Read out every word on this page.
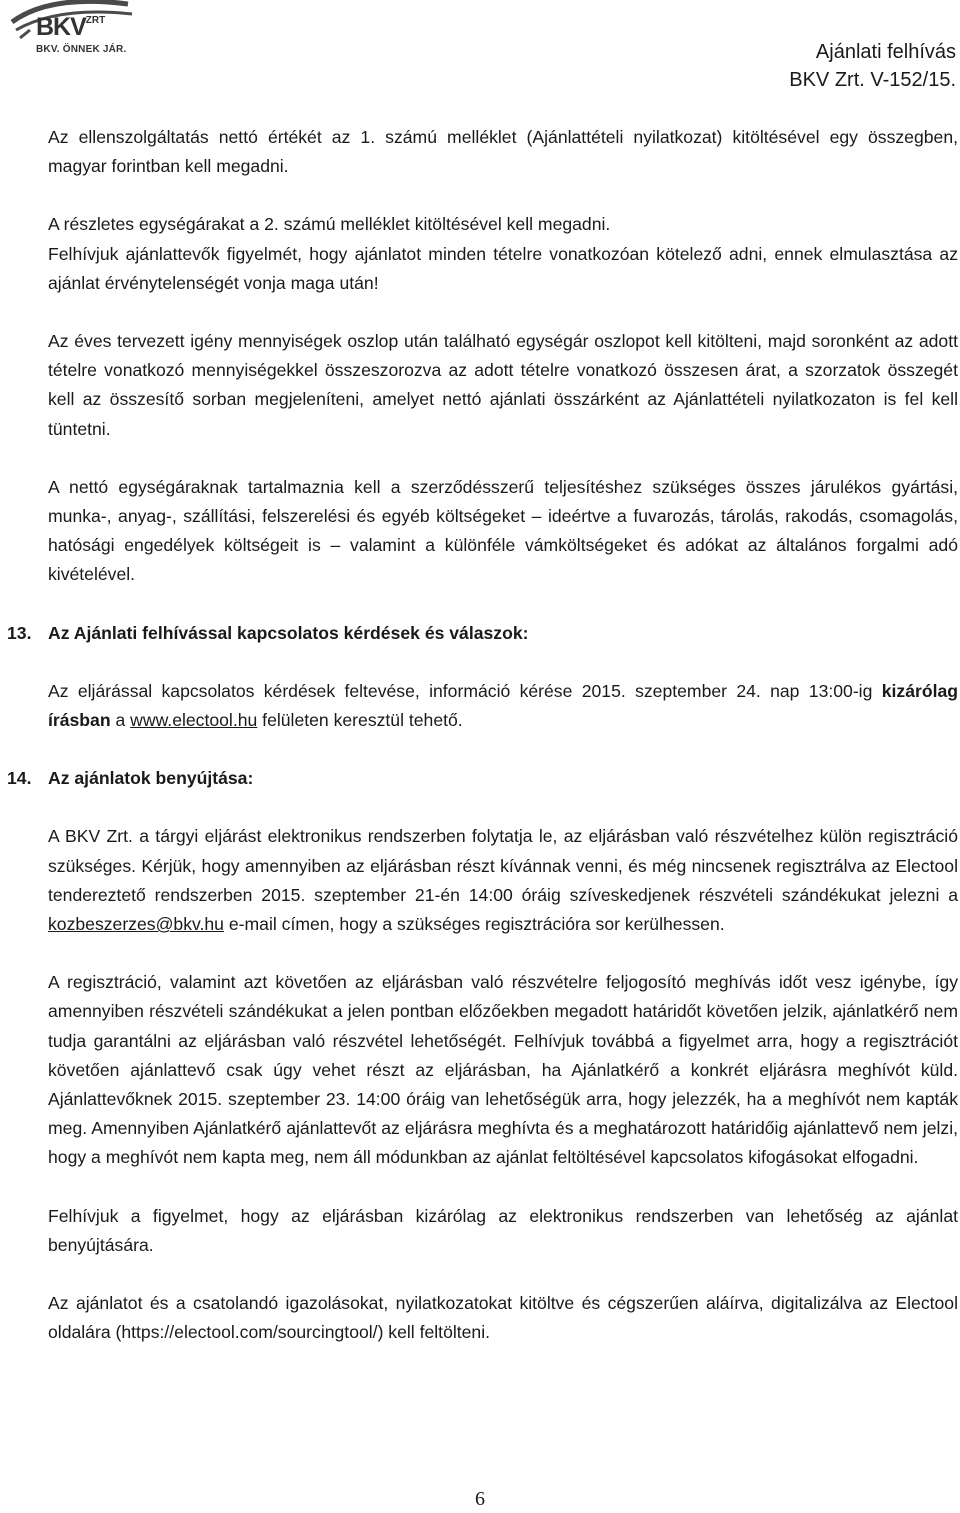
$BKV^{ZRT}$
BKV. ÖNNEK JÁR.	Ajánlati felhívás
BKV Zrt. V-152/15.

Az ellenszolgáltatás nettó értékét az 1. számú melléklet (Ajánlattételi nyilatkozat) kitöltésével egy összegben, magyar forintban kell megadni.

A részletes egységárakat a 2. számú melléklet kitöltésével kell megadni.

Felhívjuk ajánlattevők figyelmét, hogy ajánlatot minden tételre vonatkozóan kötelező adni, ennek elmulasztása az ajánlat érvénytelenségét vonja maga után!

Az éves tervezett igény mennyiségek oszlop után található egységár oszlopot kell kitölteni, majd soronként az adott tételre vonatkozó mennyiségekkel összeszorozva az adott tételre vonatkozó összesen árat, a szorzatok összegét kell az összesítő sorban megjeleníteni, amelyet nettó ajánlati összárként az Ajánlattételi nyilatkozaton is fel kell tüntetni.

A nettó egységáraknak tartalmaznia kell a szerződésszerű teljesítéshez szükséges összes járulékos gyártási, munka-, anyag-, szállítási, felszerelési és egyéb költségeket – ideértve a fuvarozás, tárolás, rakodás, csomagolás, hatósági engedélyek költségeit is – valamint a különféle vámköltségeket és adókat az általános forgalmi adó kivételével.

13. Az Ajánlati felhívással kapcsolatos kérdések és válaszok:

Az eljárással kapcsolatos kérdések feltevése, információ kérése 2015. szeptember 24. nap 13:00-ig kizárólag írásban a www.electool.hu felületen keresztül tehető.

14. Az ajánlatok benyújtása:

A BKV Zrt. a tárgyi eljárást elektronikus rendszerben folytatja le, az eljárásban való részvételhez külön regisztráció szükséges. Kérjük, hogy amennyiben az eljárásban részt kívánnak venni, és még nincsenek regisztrálva az Electool tendereztető rendszerben 2015. szeptember 21-én 14:00 óráig szíveskedjenek részvételi szándékukat jelezni a kozbeszerzes@bkv.hu e-mail címen, hogy a szükséges regisztrációra sor kerülhessen.

A regisztráció, valamint azt követően az eljárásban való részvételre feljogosító meghívás időt vesz igénybe, így amennyiben részvételi szándékukat a jelen pontban előzőekben megadott határidőt követően jelzik, ajánlatkérő nem tudja garantálni az eljárásban való részvétel lehetőségét. Felhívjuk továbbá a figyelmet arra, hogy a regisztrációt követően ajánlattevő csak úgy vehet részt az eljárásban, ha Ajánlatkérő a konkrét eljárásra meghívót küld. Ajánlattevőknek 2015. szeptember 23. 14:00 óráig van lehetőségük arra, hogy jelezzék, ha a meghívót nem kapták meg. Amennyiben Ajánlatkérő ajánlattevőt az eljárásra meghívta és a meghatározott határidőig ajánlattevő nem jelzi, hogy a meghívót nem kapta meg, nem áll módunkban az ajánlat feltöltésével kapcsolatos kifogásokat elfogadni.

Felhívjuk a figyelmet, hogy az eljárásban kizárólag az elektronikus rendszerben van lehetőség az ajánlat benyújtására.

Az ajánlatot és a csatolandó igazolásokat, nyilatkozatokat kitöltve és cégszerűen aláírva, digitalizálva az Electool oldalára (https://electool.com/sourcingtool/) kell feltölteni.

6
